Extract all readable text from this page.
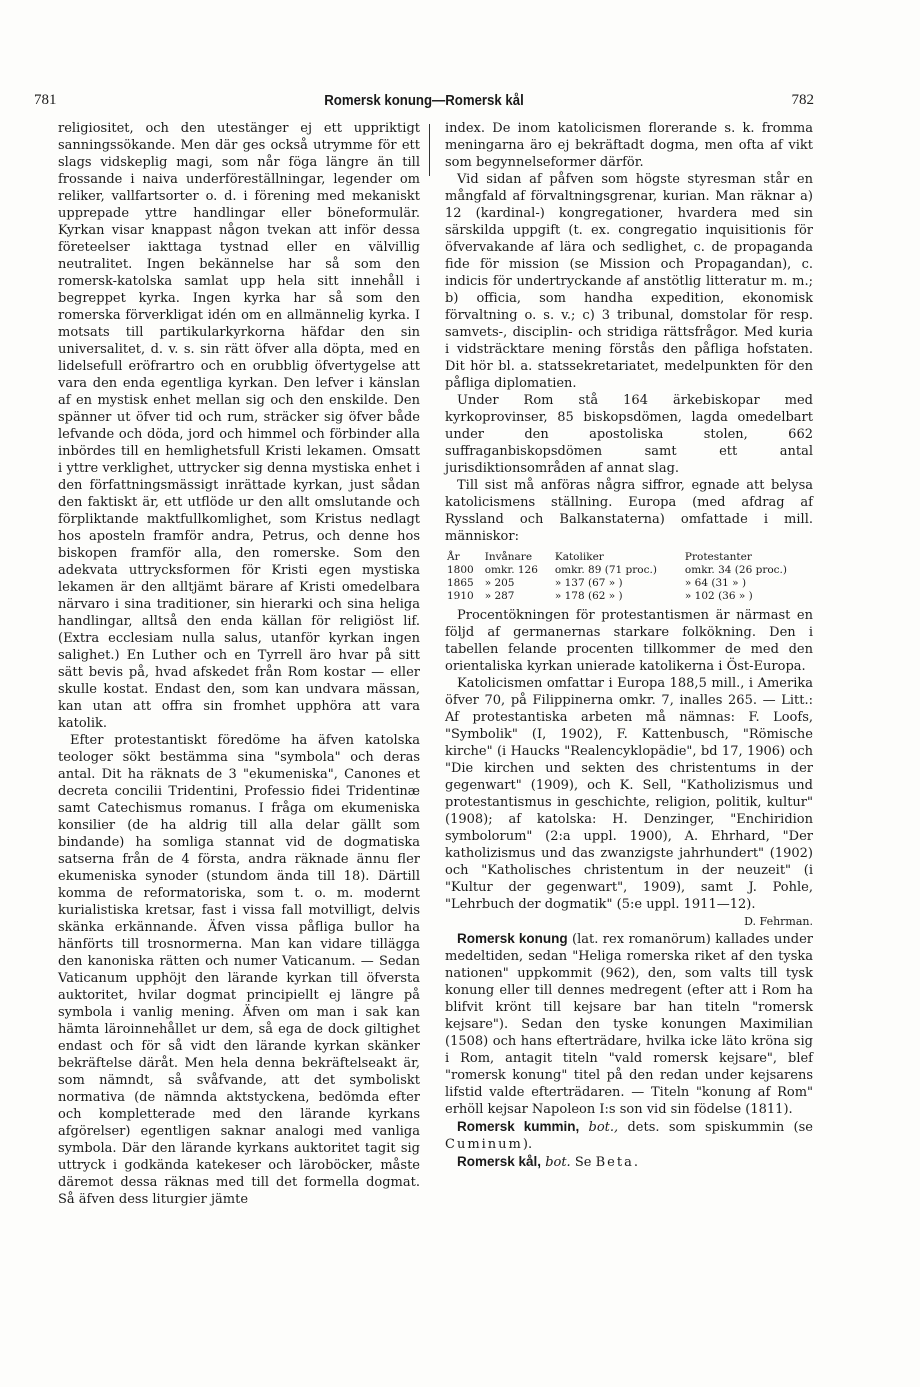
781	Romersk konung—Romersk kål	782

religiositet, och den utestänger ej ett uppriktigt sanningssökande. Men där ges också utrymme för ett slags vidskeplig magi, som når föga längre än till frossande i naiva underföreställningar, legender om reliker, vallfartsorter o. d. i förening med mekaniskt upprepade yttre handlingar eller böneformulär. Kyrkan visar knappast någon tvekan att inför dessa företeelser iakttaga tystnad eller en välvillig neutralitet. Ingen bekännelse har så som den romersk-katolska samlat upp hela sitt innehåll i begreppet kyrka. Ingen kyrka har så som den romerska förverkligat idén om en allmännelig kyrka. I motsats till partikularkyrkorna häfdar den sin universalitet, d. v. s. sin rätt öfver alla döpta, med en lidelsefull eröfrartro och en orubblig öfvertygelse att vara den enda egentliga kyrkan. Den lefver i känslan af en mystisk enhet mellan sig och den enskilde. Den spänner ut öfver tid och rum, sträcker sig öfver både lefvande och döda, jord och himmel och förbinder alla inbördes till en hemlighetsfull Kristi lekamen. Omsatt i yttre verklighet, uttrycker sig denna mystiska enhet i den författningsmässigt inrättade kyrkan, just sådan den faktiskt är, ett utflöde ur den allt omslutande och förpliktande maktfullkomlighet, som Kristus nedlagt hos aposteln framför andra, Petrus, och denne hos biskopen framför alla, den romerske. Som den adekvata uttrycksformen för Kristi egen mystiska lekamen är den alltjämt bärare af Kristi omedelbara närvaro i sina traditioner, sin hierarki och sina heliga handlingar, alltså den enda källan för religiöst lif. (Extra ecclesiam nulla salus, utanför kyrkan ingen salighet.) En Luther och en Tyrrell äro hvar på sitt sätt bevis på, hvad afskedet från Rom kostar — eller skulle kostat. Endast den, som kan undvara mässan, kan utan att offra sin fromhet upphöra att vara katolik.

Efter protestantiskt föredöme ha äfven katolska teologer sökt bestämma sina "symbola" och deras antal. Dit ha räknats de 3 "ekumeniska", Canones et decreta concilii Tridentini, Professio fidei Tridentinæ samt Catechismus romanus. I fråga om ekumeniska konsilier (de ha aldrig till alla delar gällt som bindande) ha somliga stannat vid de dogmatiska satserna från de 4 första, andra räknade ännu fler ekumeniska synoder (stundom ända till 18). Därtill komma de reformatoriska, som t. o. m. modernt kurialistiska kretsar, fast i vissa fall motvilligt, delvis skänka erkännande. Äfven vissa påfliga bullor ha hänförts till trosnormerna. Man kan vidare tillägga den kanoniska rätten och numer Vaticanum. — Sedan Vaticanum upphöjt den lärande kyrkan till öfversta auktoritet, hvilar dogmat principiellt ej längre på symbola i vanlig mening. Äfven om man i sak kan hämta läroinnehållet ur dem, så ega de dock giltighet endast och för så vidt den lärande kyrkan skänker bekräftelse däråt. Men hela denna bekräftelseakt är, som nämndt, så svåfvande, att det symboliskt normativa (de nämnda aktstyckena, bedömda efter och kompletterade med den lärande kyrkans afgörelser) egentligen saknar analogi med vanliga symbola. Där den lärande kyrkans auktoritet tagit sig uttryck i godkända katekeser och läroböcker, måste däremot dessa räknas med till det formella dogmat. Så äfven dess liturgier jämte

index. De inom katolicismen florerande s. k. fromma meningarna äro ej bekräftadt dogma, men ofta af vikt som begynnelseformer därför.

Vid sidan af påfven som högste styresman står en mångfald af förvaltningsgrenar, kurian. Man räknar a) 12 (kardinal-) kongregationer, hvardera med sin särskilda uppgift (t. ex. congregatio inquisitionis för öfvervakande af lära och sedlighet, c. de propaganda fide för mission (se Mission och Propagandan), c. indicis för undertryckande af anstötlig litteratur m. m.; b) officia, som handha expedition, ekonomisk förvaltning o. s. v.; c) 3 tribunal, domstolar för resp. samvets-, disciplin- och stridiga rättsfrågor. Med kuria i vidsträcktare mening förstås den påfliga hofstaten. Dit hör bl. a. statssekretariatet, medelpunkten för den påfliga diplomatien.

Under Rom stå 164 ärkebiskopar med kyrkoprovinser, 85 biskopsdömen, lagda omedelbart under den apostoliska stolen, 662 suffraganbiskopsdömen samt ett antal jurisdiktionsområden af annat slag.

Till sist må anföras några siffror, egnade att belysa katolicismens ställning. Europa (med afdrag af Ryssland och Balkanstaterna) omfattade i mill. människor:

År	Invånare	Katoliker	Protestanter
1800	omkr. 126	omkr. 89 (71 proc.)	omkr. 34 (26 proc.)
1865	» 205	» 137 (67 » )	» 64 (31 » )
1910	» 287	» 178 (62 » )	» 102 (36 » )

Procentökningen för protestantismen är närmast en följd af germanernas starkare folkökning. Den i tabellen felande procenten tillkommer de med den orientaliska kyrkan unierade katolikerna i Öst-Europa.

Katolicismen omfattar i Europa 188,5 mill., i Amerika öfver 70, på Filippinerna omkr. 7, inalles 265. — Litt.: Af protestantiska arbeten må nämnas: F. Loofs, "Symbolik" (I, 1902), F. Kattenbusch, "Römische kirche" (i Haucks "Realencyklopädie", bd 17, 1906) och "Die kirchen und sekten des christentums in der gegenwart" (1909), och K. Sell, "Katholizismus und protestantismus in geschichte, religion, politik, kultur" (1908); af katolska: H. Denzinger, "Enchiridion symbolorum" (2:a uppl. 1900), A. Ehrhard, "Der katholizismus und das zwanzigste jahrhundert" (1902) och "Katholisches christentum in der neuzeit" (i "Kultur der gegenwart", 1909), samt J. Pohle, "Lehrbuch der dogmatik" (5:e uppl. 1911—12).

D. Fehrman.

Romersk konung (lat. rex romanörum) kallades under medeltiden, sedan "Heliga romerska riket af den tyska nationen" uppkommit (962), den, som valts till tysk konung eller till dennes medregent (efter att i Rom ha blifvit krönt till kejsare bar han titeln "romersk kejsare"). Sedan den tyske konungen Maximilian (1508) och hans efterträdare, hvilka icke läto kröna sig i Rom, antagit titeln "vald romersk kejsare", blef "romersk konung" titel på den redan under kejsarens lifstid valde efterträdaren. — Titeln "konung af Rom" erhöll kejsar Napoleon I:s son vid sin födelse (1811).

Romersk kummin, bot., dets. som spiskummin (se Cuminum).

Romersk kål, bot. Se Beta.
